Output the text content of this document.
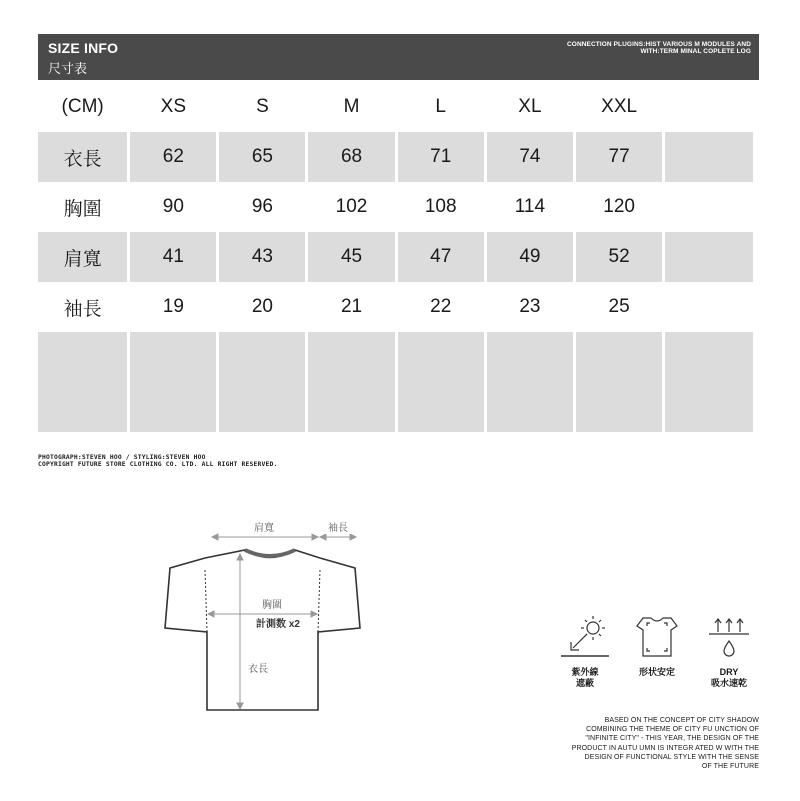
SIZE INFO
尺寸表
CONNECTION PLUGINS:HIST VARIOUS M MODULES AND
WITH:TERM MINAL COPLETE LOG
(CM)	XS	S	M	L	XL	XXL	
衣長	62	65	68	71	74	77	
胸圍	90	96	102	108	114	120	
肩寬	41	43	45	47	49	52	
袖長	19	20	21	22	23	25	

PHOTOGRAPH:STEVEN HOO / STYLING:STEVEN HOO
COPYRIGHT FUTURE STORE CLOTHING CO. LTD. ALL RIGHT RESERVED.
肩寬	袖長
胸圍
計測数 x2
衣長	紫外線
遮蔽
形状安定	DRY
吸水速乾
BASED ON THE CONCEPT OF CITY SHADOW
COMBINING THE THEME OF CITY FU UNCTION OF
"INFINITE CITY" - THIS YEAR, THE DESIGN OF THE
PRODUCT IN AUTU UMN IS INTEGR ATED W WITH THE
DESIGN OF FUNCTIONAL STYLE WITH THE SENSE
OF THE FUTURE
